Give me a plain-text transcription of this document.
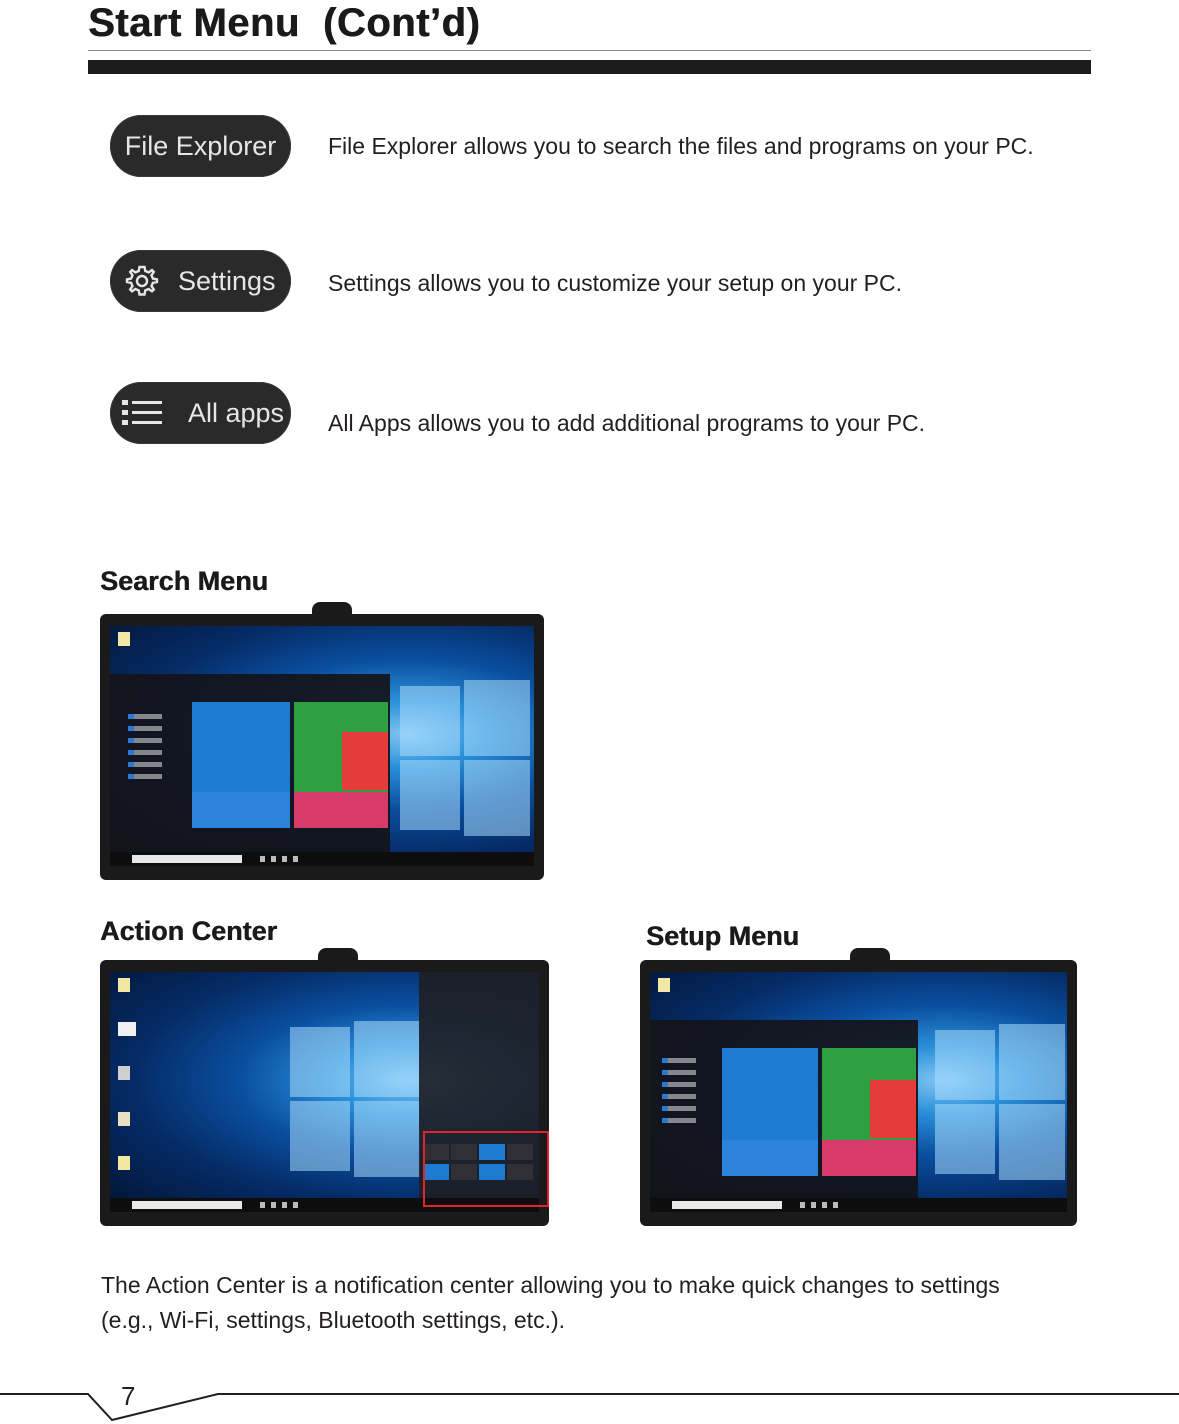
Start Menu  (Cont’d)
File Explorer File Explorer allows you to search the files and programs on your PC.
Settings Settings allows you to customize your setup on your PC.
All apps All Apps allows you to add additional programs to your PC.
Search Menu
Action Center	Setup Menu
The Action Center is a notification center allowing you to make quick changes to settings
(e.g., Wi-Fi, settings, Bluetooth settings, etc.).
7
